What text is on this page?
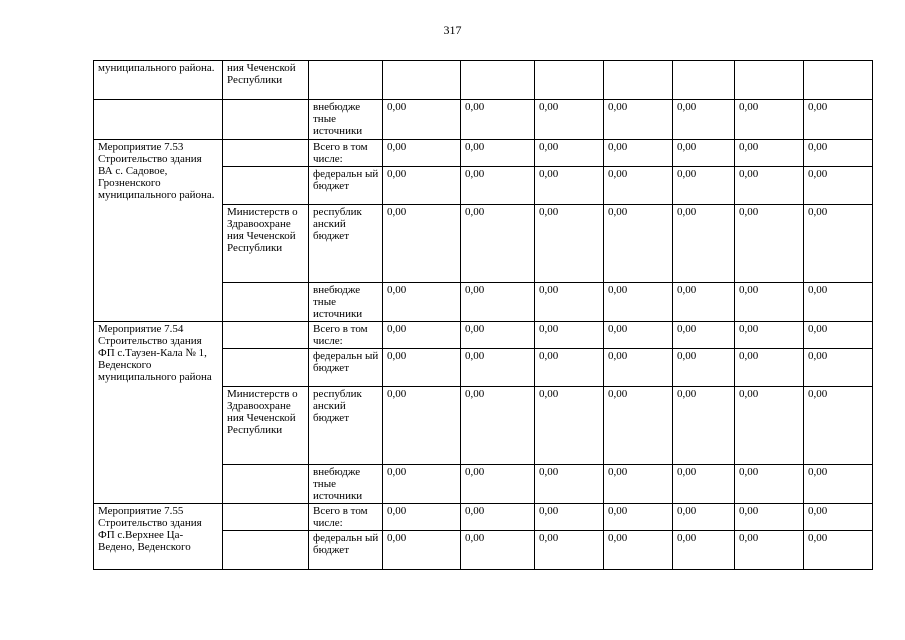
317
муниципального района.	ния Чеченской Республики								
		внебюдже тные источники	0,00	0,00	0,00	0,00	0,00	0,00	0,00
Мероприятие 7.53 Строительство здания ВА с. Садовое, Грозненского муниципального района.		Всего в том числе:	0,00	0,00	0,00	0,00	0,00	0,00	0,00
		федеральн ый бюджет	0,00	0,00	0,00	0,00	0,00	0,00	0,00
	Министерств о Здравоохране ния Чеченской Республики	республик анский бюджет	0,00	0,00	0,00	0,00	0,00	0,00	0,00
		внебюдже тные источники	0,00	0,00	0,00	0,00	0,00	0,00	0,00
Мероприятие 7.54 Строительство здания ФП с.Таузен-Кала № 1, Веденского муниципального района		Всего в том числе:	0,00	0,00	0,00	0,00	0,00	0,00	0,00
		федеральн ый бюджет	0,00	0,00	0,00	0,00	0,00	0,00	0,00
	Министерств о Здравоохране ния Чеченской Республики	республик анский бюджет	0,00	0,00	0,00	0,00	0,00	0,00	0,00
		внебюдже тные источники	0,00	0,00	0,00	0,00	0,00	0,00	0,00
Мероприятие 7.55 Строительство здания ФП с.Верхнее Ца-Ведено, Веденского		Всего в том числе:	0,00	0,00	0,00	0,00	0,00	0,00	0,00
		федеральн ый бюджет	0,00	0,00	0,00	0,00	0,00	0,00	0,00
